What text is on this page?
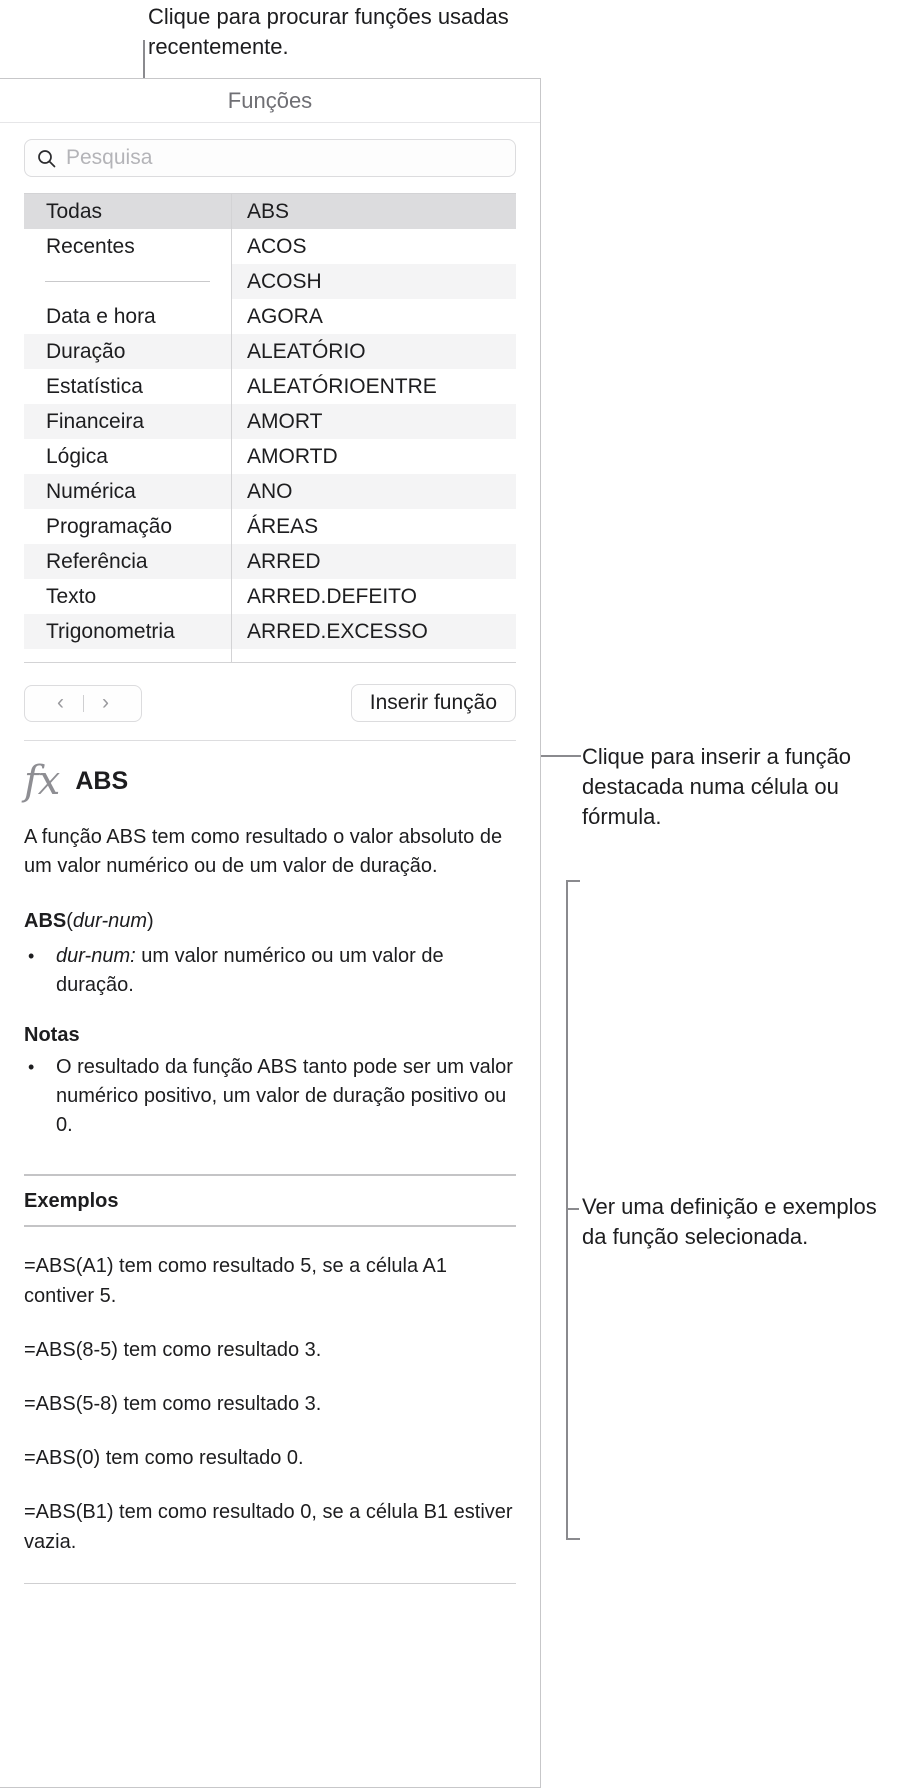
Clique para procurar funções usadas recentemente.
Funções
Pesquisa
Todas
Recentes
Data e hora
Duração
Estatística
Financeira
Lógica
Numérica
Programação
Referência
Texto
Trigonometria
ABS
ACOS
ACOSH
AGORA
ALEATÓRIO
ALEATÓRIOENTRE
AMORT
AMORTD
ANO
ÁREAS
ARRED
ARRED.DEFEITO
ARRED.EXCESSO
‹	›	Inserir função
fx ABS

A função ABS tem como resultado o valor absoluto de um valor numérico ou de um valor de duração.

ABS(dur-num)

• dur-num: um valor numérico ou um valor de duração.
Notas
• O resultado da função ABS tanto pode ser um valor numérico positivo, um valor de duração positivo ou 0.
Exemplos

=ABS(A1) tem como resultado 5, se a célula A1 contiver 5.

=ABS(8-5) tem como resultado 3.

=ABS(5-8) tem como resultado 3.

=ABS(0) tem como resultado 0.

=ABS(B1) tem como resultado 0, se a célula B1 estiver vazia.

Clique para inserir a função destacada numa célula ou fórmula.
Ver uma definição e exemplos da função selecionada.
